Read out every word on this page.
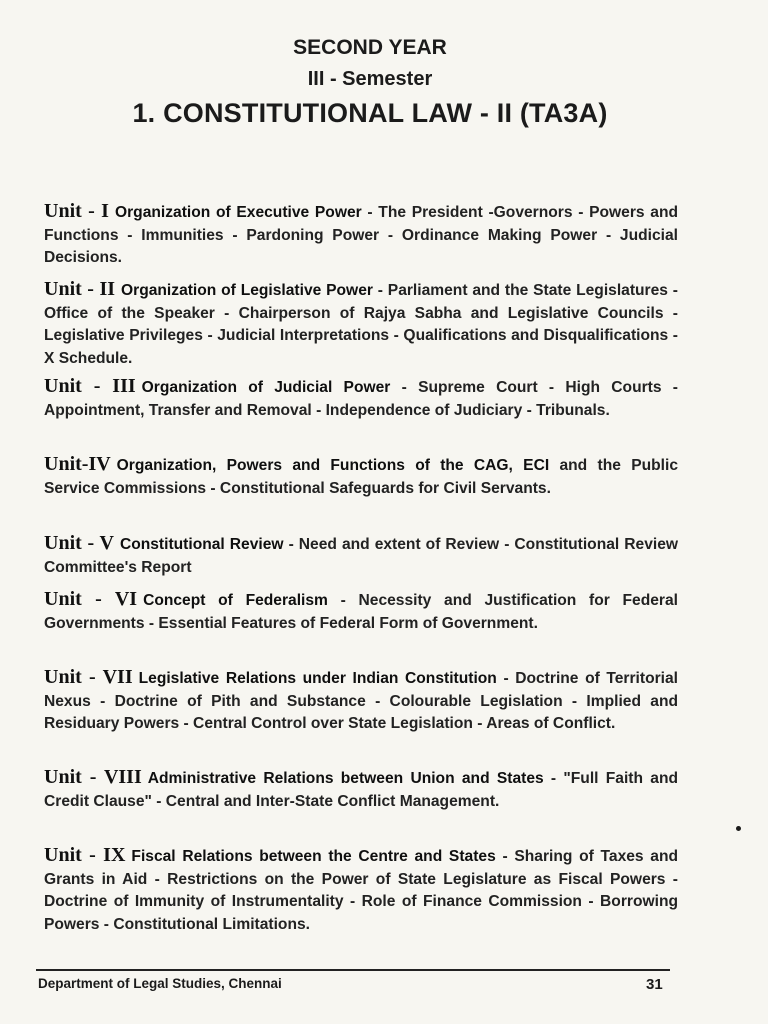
SECOND YEAR
III - Semester
1. CONSTITUTIONAL LAW - II (TA3A)
Unit - I Organization of Executive Power - The President -Governors - Powers and Functions - Immunities - Pardoning Power - Ordinance Making Power - Judicial Decisions.
Unit - II Organization of Legislative Power - Parliament and the State Legislatures - Office of the Speaker - Chairperson of Rajya Sabha and Legislative Councils - Legislative Privileges - Judicial Interpretations - Qualifications and Disqualifications - X Schedule.
Unit - III Organization of Judicial Power - Supreme Court - High Courts - Appointment, Transfer and Removal - Independence of Judiciary - Tribunals.
Unit-IV Organization, Powers and Functions of the CAG, ECI and the Public Service Commissions - Constitutional Safeguards for Civil Servants.
Unit - V Constitutional Review - Need and extent of Review - Constitutional Review Committee's Report
Unit - VI Concept of Federalism - Necessity and Justification for Federal Governments - Essential Features of Federal Form of Government.
Unit - VII Legislative Relations under Indian Constitution - Doctrine of Territorial Nexus - Doctrine of Pith and Substance - Colourable Legislation - Implied and Residuary Powers - Central Control over State Legislation - Areas of Conflict.
Unit - VIII Administrative Relations between Union and States - "Full Faith and Credit Clause" - Central and Inter-State Conflict Management.
Unit - IX Fiscal Relations between the Centre and States - Sharing of Taxes and Grants in Aid - Restrictions on the Power of State Legislature as Fiscal Powers - Doctrine of Immunity of Instrumentality - Role of Finance Commission - Borrowing Powers - Constitutional Limitations.
Department of Legal Studies, Chennai	31
